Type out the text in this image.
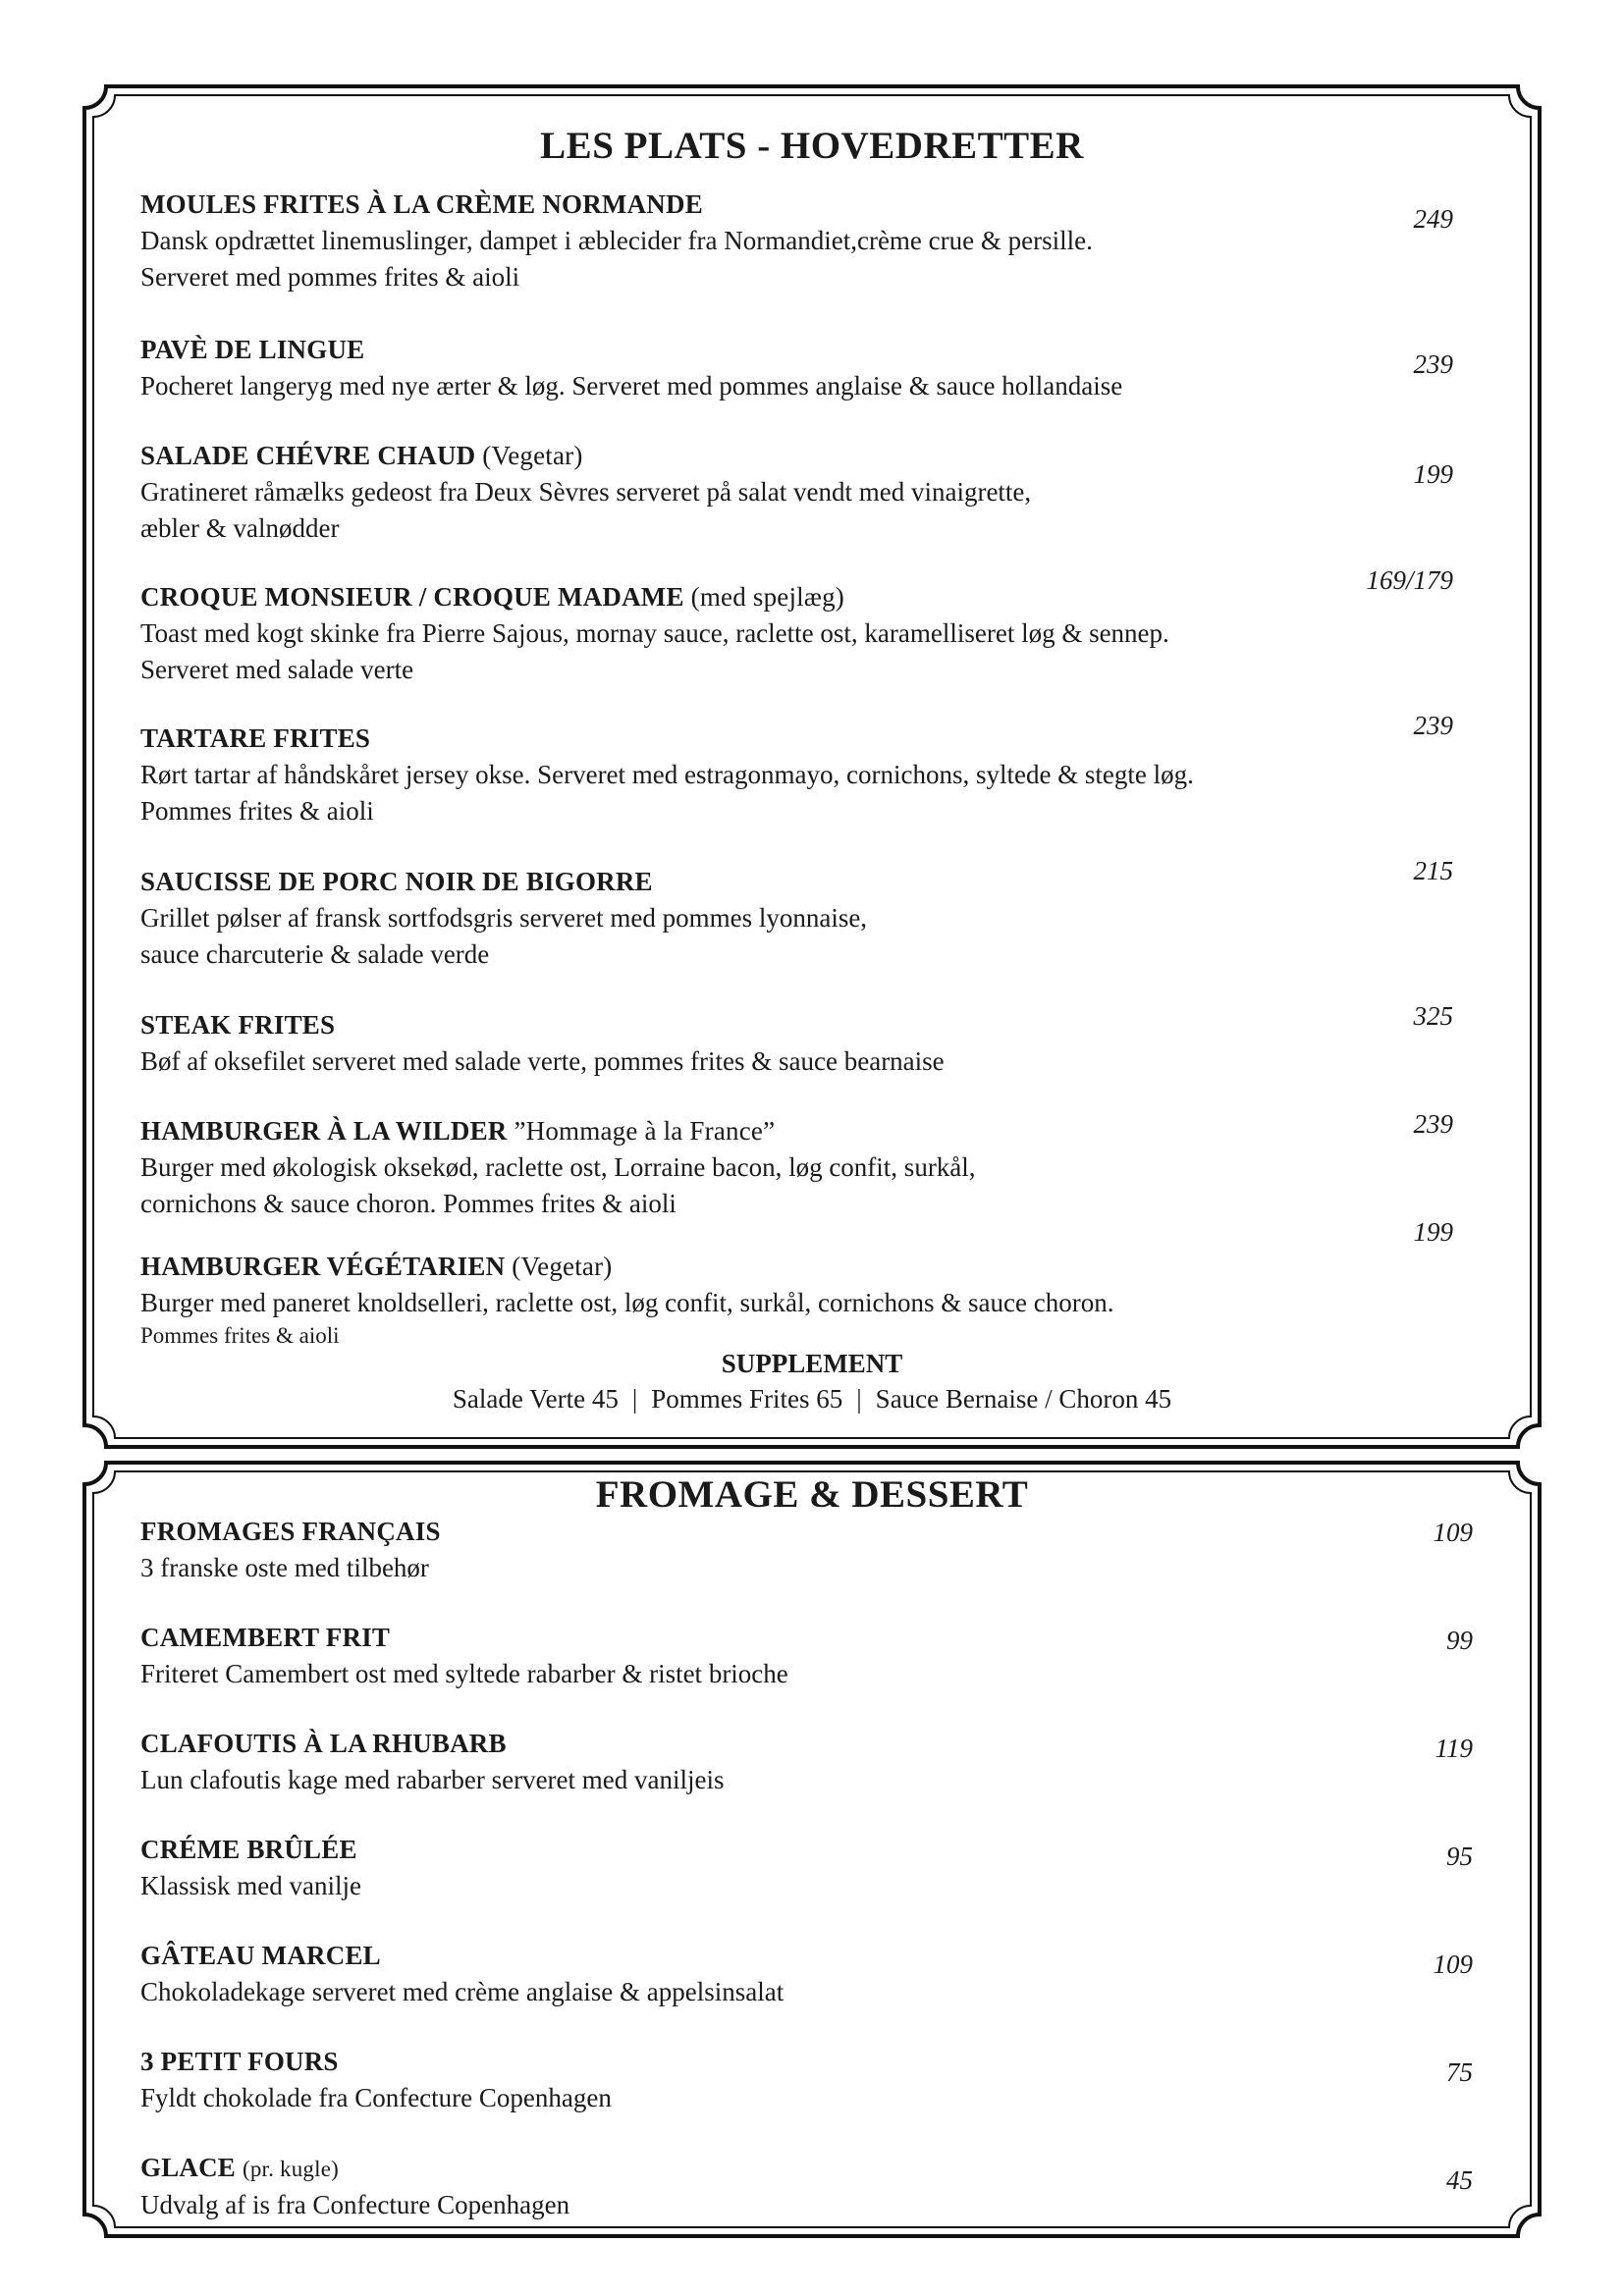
LES PLATS - HOVEDRETTER
MOULES FRITES À LA CRÈME NORMANDE
Dansk opdrættet linemuslinger, dampet i æblecider fra Normandiet,crème crue & persille.
Serveret med pommes frites & aioli
249
PAVÈ DE LINGUE
Pocheret langeryg med nye ærter & løg. Serveret med pommes anglaise & sauce hollandaise
239
SALADE CHÉVRE CHAUD (Vegetar)
Gratineret råmælks gedeost fra Deux Sèvres serveret på salat vendt med vinaigrette,
æbler & valnødder
199
CROQUE MONSIEUR / CROQUE MADAME (med spejlæg)
Toast med kogt skinke fra Pierre Sajous, mornay sauce, raclette ost, karamelliseret løg & sennep.
Serveret med salade verte
169/179
TARTARE FRITES
Rørt tartar af håndskåret jersey okse. Serveret med estragonmayo, cornichons, syltede & stegte løg.
Pommes frites & aioli
239
SAUCISSE DE PORC NOIR DE BIGORRE
Grillet pølser af fransk sortfodsgris serveret med pommes lyonnaise,
sauce charcuterie & salade verde
215
STEAK FRITES
Bøf af oksefilet serveret med salade verte, pommes frites & sauce bearnaise
325
HAMBURGER À LA WILDER ”Hommage à la France”
Burger med økologisk oksekød, raclette ost, Lorraine bacon, løg confit, surkål,
cornichons & sauce choron. Pommes frites & aioli
239
HAMBURGER VÉGÉTARIEN (Vegetar)
Burger med paneret knoldselleri, raclette ost, løg confit, surkål, cornichons & sauce choron.
Pommes frites & aioli
199
SUPPLEMENT
Salade Verte 45 | Pommes Frites 65 | Sauce Bernaise / Choron 45
FROMAGE & DESSERT
FROMAGES FRANÇAIS
3 franske oste med tilbehør
109
CAMEMBERT FRIT
Friteret Camembert ost med syltede rabarber & ristet brioche
99
CLAFOUTIS À LA RHUBARB
Lun clafoutis kage med rabarber serveret med vaniljeis
119
CRÉME BRÛLÉE
Klassisk med vanilje
95
GÂTEAU MARCEL
Chokoladekage serveret med crème anglaise & appelsinsalat
109
3 PETIT FOURS
Fyldt chokolade fra Confecture Copenhagen
75
GLACE (pr. kugle)
Udvalg af is fra Confecture Copenhagen
45
